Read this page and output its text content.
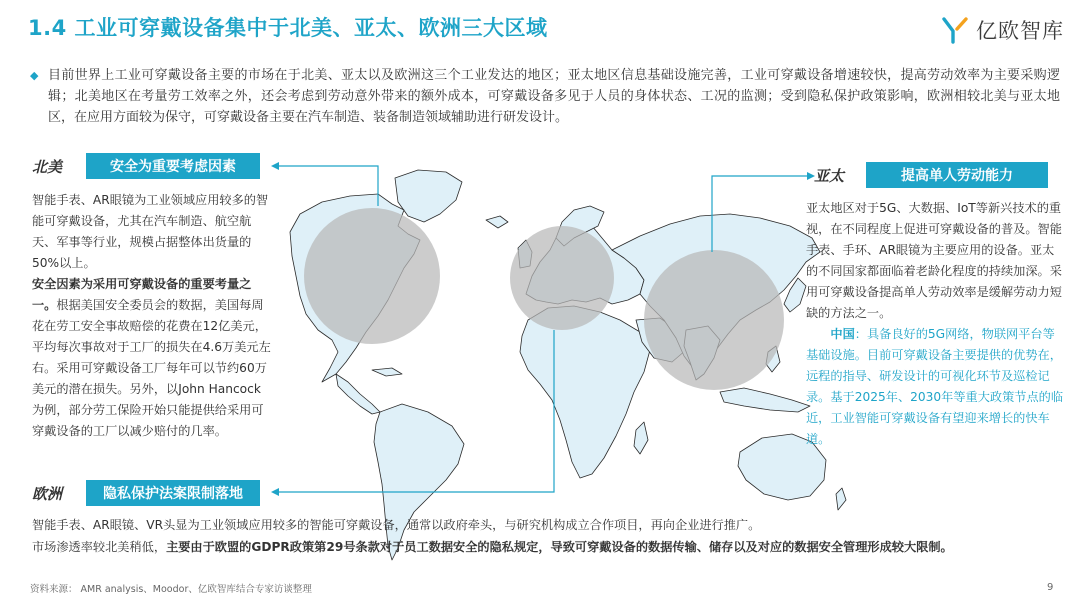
1.4 工业可穿戴设备集中于北美、亚太、欧洲三大区域	亿欧智库
◆ 目前世界上工业可穿戴设备主要的市场在于北美、亚太以及欧洲这三个工业发达的地区；亚太地区信息基础设施完善，工业可穿戴设备增速较快，提高劳动效率为主要采购逻辑；北美地区在考量劳工效率之外，还会考虑到劳动意外带来的额外成本，可穿戴设备多见于人员的身体状态、工况的监测；受到隐私保护政策影响，欧洲相较北美与亚太地区，在应用方面较为保守，可穿戴设备主要在汽车制造、装备制造领域辅助进行研发设计。
北美	安全为重要考虑因素
智能手表、AR眼镜为工业领域应用较多的智能可穿戴设备，尤其在汽车制造、航空航天、军事等行业，规模占据整体出货量的50%以上。
安全因素为采用可穿戴设备的重要考量之一。根据美国安全委员会的数据，美国每周花在劳工安全事故赔偿的花费在12亿美元，平均每次事故对于工厂的损失在4.6万美元左右。采用可穿戴设备工厂每年可以节约60万美元的潜在损失。另外，以John Hancock为例，部分劳工保险开始只能提供给采用可穿戴设备的工厂以减少赔付的几率。
亚太	提高单人劳动能力
亚太地区对于5G、大数据、IoT等新兴技术的重视，在不同程度上促进可穿戴设备的普及。智能手表、手环、AR眼镜为主要应用的设备。亚太的不同国家都面临着老龄化程度的持续加深。采用可穿戴设备提高单人劳动效率是缓解劳动力短缺的方法之一。
中国：具备良好的5G网络，物联网平台等基础设施。目前可穿戴设备主要提供的优势在，远程的指导、研发设计的可视化环节及巡检记录。基于2025年、2030年等重大政策节点的临近，工业智能可穿戴设备有望迎来增长的快车道。
欧洲	隐私保护法案限制落地
智能手表、AR眼镜、VR头显为工业领域应用较多的智能可穿戴设备，通常以政府牵头，与研究机构成立合作项目，再向企业进行推广。
市场渗透率较北美稍低，主要由于欧盟的GDPR政策第29号条款对于员工数据安全的隐私规定，导致可穿戴设备的数据传输、储存以及对应的数据安全管理形成较大限制。
资料来源： AMR analysis、Moodor、亿欧智库结合专家访谈整理	9
